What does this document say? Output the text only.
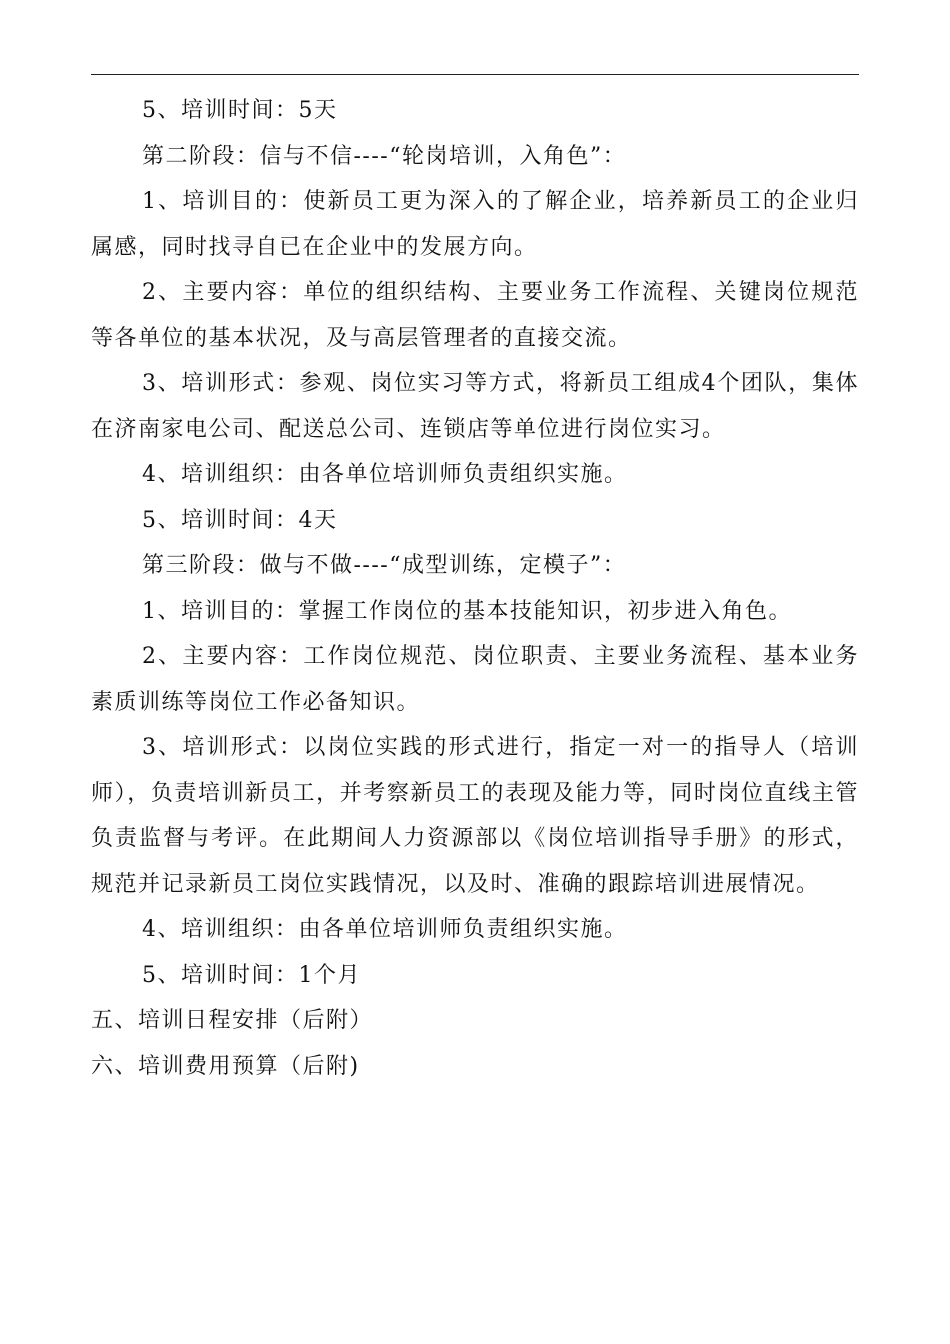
5、培训时间：5天

第二阶段：信与不信----“轮岗培训，入角色”：

1、培训目的：使新员工更为深入的了解企业，培养新员工的企业归属感，同时找寻自已在企业中的发展方向。

2、主要内容：单位的组织结构、主要业务工作流程、关键岗位规范等各单位的基本状况，及与高层管理者的直接交流。

3、培训形式：参观、岗位实习等方式，将新员工组成4个团队，集体在济南家电公司、配送总公司、连锁店等单位进行岗位实习。

4、培训组织：由各单位培训师负责组织实施。

5、培训时间：4天

第三阶段：做与不做----“成型训练，定模子”：

1、培训目的：掌握工作岗位的基本技能知识，初步进入角色。

2、主要内容：工作岗位规范、岗位职责、主要业务流程、基本业务素质训练等岗位工作必备知识。

3、培训形式：以岗位实践的形式进行，指定一对一的指导人（培训师），负责培训新员工，并考察新员工的表现及能力等，同时岗位直线主管负责监督与考评。在此期间人力资源部以《岗位培训指导手册》的形式，规范并记录新员工岗位实践情况，以及时、准确的跟踪培训进展情况。

4、培训组织：由各单位培训师负责组织实施。

5、培训时间：1个月

五、培训日程安排（后附）

六、培训费用预算（后附)
